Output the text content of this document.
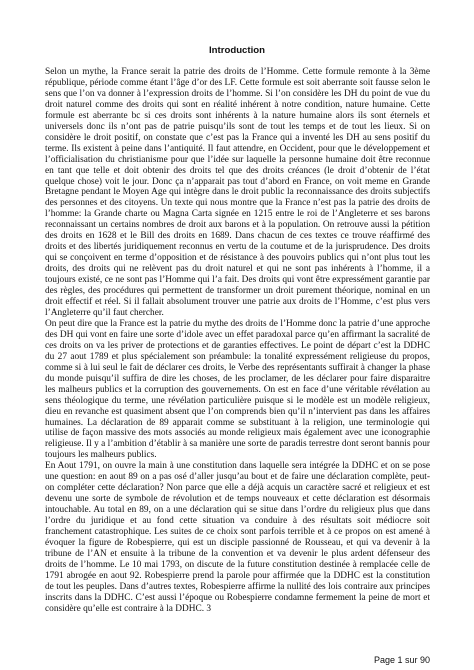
Introduction

Selon un mythe, la France serait la patrie des droits de l’Homme. Cette formule remonte à la 3ème république, période comme étant l’âge d’or des LF. Cette formule est soit aberrante soit fausse selon le sens que l’on va donner à l’expression droits de l’homme. Si l’on considère les DH du point de vue du droit naturel comme des droits qui sont en réalité inhérent à notre condition, nature humaine. Cette formule est aberrante bc si ces droits sont inhérents à la nature humaine alors ils sont éternels et universels donc ils n’ont pas de patrie puisqu’ils sont de tout les temps et de tout les lieux. Si on considère le droit positif, on constate que c’est pas la France qui a inventé les DH au sens positif du terme. Ils existent à peine dans l’antiquité. Il faut attendre, en Occident, pour que le développement et l’officialisation du christianisme pour que l’idée sur laquelle la personne humaine doit être reconnue en tant que telle et doit obtenir des droits tel que des droits créances (le droit d’obtenir de l’état quelque chose) voit le jour. Donc ça n’apparait pas tout d’abord en France, on voit meme en Grande Bretagne pendant le Moyen Age qui intègre dans le droit public la reconnaissance des droits subjectifs des personnes et des citoyens. Un texte qui nous montre que la France n’est pas la patrie des droits de l’homme: la Grande charte ou Magna Carta signée en 1215 entre le roi de l’Angleterre et ses barons reconnaissant un certains nombres de droit aux barons et à la population. On retrouve aussi la pétition des droits en 1628 et le Bill des droits en 1689. Dans chacun de ces textes ce trouve réaffirmé des droits et des libertés juridiquement reconnus en vertu de la coutume et de la jurisprudence. Des droits qui se conçoivent en terme d’opposition et de résistance à des pouvoirs publics qui n’ont plus tout les droits, des droits qui ne relèvent pas du droit naturel et qui ne sont pas inhérents à l’homme, il a toujours existé, ce ne sont pas l’Homme qui l’a fait. Des droits qui vont être expressément garantie par des règles, des procédures qui permettent de transformer un droit purement théorique, nominal en un droit effectif et réel. Si il fallait absolument trouver une patrie aux droits de l’Homme, c’est plus vers l’Angleterre qu’il faut chercher.

On peut dire que la France est la patrie du mythe des droits de l’Homme donc la patrie d’une approche des DH qui vont en faire une sorte d’idole avec un effet paradoxal parce qu’en affirmant la sacralité de ces droits on va les priver de protections et de garanties effectives. Le point de départ c’est la DDHC du 27 aout 1789 et plus spécialement son préambule: la tonalité expressément religieuse du propos, comme si à lui seul le fait de déclarer ces droits, le Verbe des représentants suffirait à changer la phase du monde puisqu’il suffira de dire les choses, de les proclamer, de les déclarer pour faire disparaitre les malheurs publics et la corruption des gouvernements. On est en face d’une véritable révélation au sens théologique du terme, une révélation particulière puisque si le modèle est un modèle religieux, dieu en revanche est quasiment absent que l’on comprends bien qu’il n’intervient pas dans les affaires humaines. La déclaration de 89 apparait comme se substituant à la religion, une terminologie qui utilise de façon massive des mots associés au monde religieux mais également avec une iconographie religieuse. Il y a l’ambition d’établir à sa manière une sorte de paradis terrestre dont seront bannis pour toujours les malheurs publics.

En Aout 1791, on ouvre la main à une constitution dans laquelle sera intégrée la DDHC et on se pose une question: en aout 89 on a pas osé d’aller jusqu’au bout et de faire une déclaration complète, peut-on compléter cette déclaration? Non parce que elle a déjà acquis un caractère sacré et religieux et est devenu une sorte de symbole de révolution et de temps nouveaux et cette déclaration est désormais intouchable. Au total en 89, on a une déclaration qui se situe dans l’ordre du religieux plus que dans l’ordre du juridique et au fond cette situation va conduire à des résultats soit médiocre soit franchement catastrophique. Les suites de ce choix sont parfois terrible et à ce propos on est amené à évoquer la figure de Robespierre, qui est un disciple passionné de Rousseau, et qui va devenir à la tribune de l’AN et ensuite à la tribune de la convention et va devenir le plus ardent défenseur des droits de l’homme. Le 10 mai 1793, on discute de la future constitution destinée à remplacée celle de 1791 abrogée en aout 92. Robespierre prend la parole pour affirmée que la DDHC est la constitution de tout les peuples. Dans d’autres textes, Robespierre affirme la nullité des lois contraire aux principes inscrits dans la DDHC. C’est aussi l’époque ou Robespierre condamne fermement la peine de mort et considère qu’elle est contraire à la DDHC. 3

Page 1 sur 90
